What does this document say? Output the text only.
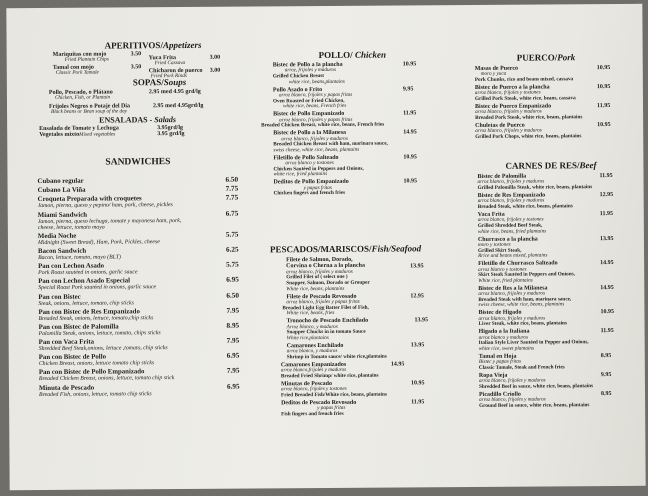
APERITIVOS/Appetizers
Mariquitas con mojo	3.50
Fried Plantain Chips
Tamal con mojo	3.50
Classic Pork Tamale
Yuca Frita	3.00
Fried Cassava
Chicharon de puerco 3.00
Fried Pork Rinds
SOPAS/Soups
Pollo, Pescado, o Plátano	2.95 med 4.95 grd/lg
Chicken, Fish, or Plantain
Frijoles Negros o Potaje del Dia	2.95 med 4.95grd/lg
Black beans or Bean soup of the day
ENSALADAS - Salads
Ensalada de Tomate y Lechuga	3.95grd/lg
Vegetales mixtoMixed vegetables	3.95 grd/lg
SANDWICHES
Cubano regular	6.50
Cubano La Viña	7.75
Croqueta Preparada with croquetes	7.75
Jamon, pierna, queso y pepino/ ham, pork, cheese, pickles
Miami Sandwich	6.75
Jamon, pierna, queso lechuga, tomate y mayonesa ham, pork, cheese, lettuce, tomato mayo
Media Noche	5.75
Midnight (Sweet Bread), Ham, Pork, Pickles, cheese
Bacon Sandwich	6.25
Bacon, lettuce, tomato, mayo (BLT)
Pan con Lechon Asado	5.75
Pork Roast sautéed in onions, garlic sauce
Pan con Lechon Asado Especial	6.95
Special Roast Pork sautéed in onions, garlic sauce
Pan con Bistec	6.50
Steak, onions, lettuce, tomato, chip sticks
Pan con Bistec de Res Empanizado	7.95
Breaded Steak, onions, lettuce, tomato,chip sticks
Pan con Bistec de Palomilla	8.95
Palomilla Steak, onions, lettuce, tomato, chips sticks
Pan con Vaca Frita	7.95
Shredded Beef Steak,onions, lettuce ,tomato, chip sticks
Pan con Bistec de Pollo	6.95
Chicken Breast, onions, lettuce tomato chip sticks
Pan con Bistec de Pollo Empanizado	7.95
Breaded Chicken Breast, onions, lettuce, tomato chip stick
Minuta de Pescado	6.95
Breaded Fish, onions, lettuce, tomato chip sticks
POLLO/ Chicken
Bistec de Pollo a la plancha	10.95
arroz, frijoles y maduros
Grilled Chicken Breast
white rice, beans,plantains
Pollo Asado o Frito	9.95
arroz blanco, frijoles y papas fritas
Oven Roasted or Fried Chicken,
white rice, beans, French fries
Bistec de Pollo Empanizado	11.95
arroz blanco, frijoles y papas fritas
Breaded Chicken Breast, white rice, beans, French fries
Bistec de Pollo a la Milanesa	14.95
arroz blanco, frijoles y maduros
Breaded Chicken Breast with ham, marinara sauce,
swiss cheese, white rice, beans, plantains
Filetillo de Pollo Salteado	10.95
arroz blanco y tostones
Chicken Sautéed in Peppers and Onions,
white rice, fried plantains
Deditos de Pollo Empanizado	10.95
y papas fritas
Chicken fingers and french fries
PESCADOS/MARISCOS/Fish/Seafood
Filete de Salmon, Dorado,
Corvina o Cherna a la plancha	13.95
arroz blanco, frijoles y maduros
Grilled Filet of ( select one )
Snapper, Salmon, Dorado or Grouper
White rice, beans, plantains
Filete de Pescado Revosado	12.95
arroz blanco, frijoles y papas fritas
Breaded Light Egg Batter Filet of Fish,
White rice, beans, fries
Tronocho de Pescado Enchilado	13.95
Arroz blanco, y maduros
Snapper Chucks in in tomato Sauce
White rice,plantains
Camarones Enchilado	13.95
arroz blanco, y maduros
Shrimp in Tomato sauce/ white rice,plantains
Camarones Empanizados	14.95
arroz blanco,frijoles y maduros
Breaded Fried Shrimp/ white rice, plantains
Minutas de Pescado	10.95
arroz blanco, frijoles y tostones
Fried Breaded Fish/White rice, beans, plantains
Deditos de Pescado Revosado	11.95
y papas fritas
Fish fingers and french fries
PUERCO/Pork
Masas de Puerco	10.95
moro y yuca
Pork Chunks, rice and beans mixed, cassava
Bistec de Puerco a la plancha	10.95
arroz blanco, frijoles y tostones
Grilled Pork Steak, white rice, beans, cassava
Bistec de Puerco Empanizado	11.95
arroz blanco, frijoles y maduros
Breaded Pork Steak, white rice, beans, plantains
Chuletas de Puerco	10.95
arroz blanco, frijoles y maduros
Grilled Pork Chops, white rice, beans, plantains
CARNES DE RES/Beef
Bistec de Palomilla	11.95
arroz blanco, frijoles y maduros
Grilled Palomilla Steak, white rice, beans, plantains
Bistec de Res Empanizado	12.95
arroz blanco, frijoles y maduros
Breaded Steak, white rice, beans, plantains
Vaca Frita	11.95
arroz blanco, frijoles y tostones
Grilled Shredded Beef Steak,
white rice, beans, fried plantains
Churrasco a la plancha	13.95
moro y tostones
Grilled Skirt Steak,
Rrice and beans mixed, plantains
Filetillo de Churrasco Salteado	14.95
arroz blanco y tostones
Skirt Steak Sautéed in Peppers and Onions,
White rice, fried plantains
Bistec de Res a la Milanesa	14.95
arroz blanco, frijoles y maduros
Breaded Steak with ham, marinara sauce,
swiss cheese, white rice, beans, plantains
Bistec de Higado	10.95
arroz blanco, frijoles y maduros
Liver Steak, white rice, beans, plantains
Higado a la Italiana	11.95
arroz blanco y maduros
Italian Style Liver Sautéed in Pepper and Onions,
white rice, sweet plantains
Tamal en Hoja	8.95
Bistec y papas fritas
Classic Tamale, Steak and French fries
Ropa Vieja	9.95
arroz blanco, frijoles y maduros
Shredded Beef in sauce, white rice, beans, plantains
Picadillo Criollo	8.95
arroz blanco, frijoles y maduros
Ground Beef in sauce, white rice, beans, plantains
